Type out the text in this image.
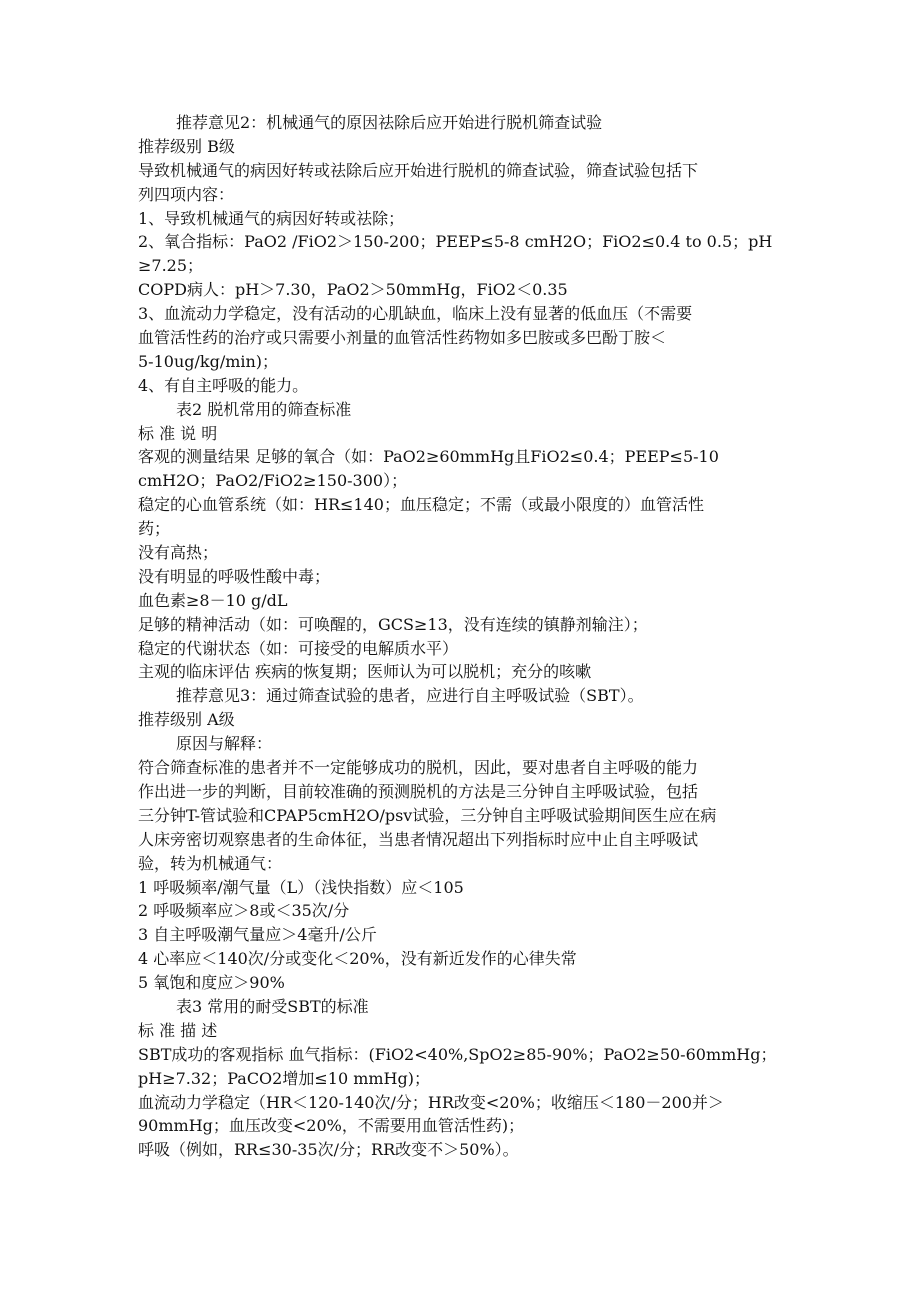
推荐意见2：机械通气的原因祛除后应开始进行脱机筛查试验

推荐级别 B级

导致机械通气的病因好转或祛除后应开始进行脱机的筛查试验，筛查试验包括下

列四项内容：

1、导致机械通气的病因好转或祛除；

2、氧合指标：PaO2 /FiO2＞150-200；PEEP≤5-8 cmH2O；FiO2≤0.4 to 0.5；pH

≥7.25；

COPD病人：pH＞7.30，PaO2＞50mmHg，FiO2＜0.35

3、血流动力学稳定，没有活动的心肌缺血，临床上没有显著的低血压（不需要

血管活性药的治疗或只需要小剂量的血管活性药物如多巴胺或多巴酚丁胺＜

5-10ug/kg/min)；

4、有自主呼吸的能力。

表2 脱机常用的筛查标准

标 准 说 明

客观的测量结果 足够的氧合（如：PaO2≥60mmHg且FiO2≤0.4；PEEP≤5-10

cmH2O；PaO2/FiO2≥150-300）；

稳定的心血管系统（如：HR≤140；血压稳定；不需（或最小限度的）血管活性

药；

没有高热；

没有明显的呼吸性酸中毒；

血色素≥8－10 g/dL

足够的精神活动（如：可唤醒的，GCS≥13，没有连续的镇静剂输注）；

稳定的代谢状态（如：可接受的电解质水平）

主观的临床评估 疾病的恢复期；医师认为可以脱机；充分的咳嗽

推荐意见3：通过筛查试验的患者，应进行自主呼吸试验（SBT）。

推荐级别 A级

原因与解释：

符合筛查标准的患者并不一定能够成功的脱机，因此，要对患者自主呼吸的能力

作出进一步的判断，目前较准确的预测脱机的方法是三分钟自主呼吸试验，包括

三分钟T-管试验和CPAP5cmH2O/psv试验，三分钟自主呼吸试验期间医生应在病

人床旁密切观察患者的生命体征，当患者情况超出下列指标时应中止自主呼吸试

验，转为机械通气：

1 呼吸频率/潮气量（L）（浅快指数）应＜105

2 呼吸频率应＞8或＜35次/分

3 自主呼吸潮气量应＞4毫升/公斤

4 心率应＜140次/分或变化＜20%，没有新近发作的心律失常

5 氧饱和度应＞90%

表3 常用的耐受SBT的标准

标 准 描 述

SBT成功的客观指标 血气指标：(FiO2<40%,SpO2≥85-90%；PaO2≥50-60mmHg；

pH≥7.32；PaCO2增加≤10 mmHg)；

血流动力学稳定（HR＜120-140次/分；HR改变<20%；收缩压＜180－200并＞

90mmHg；血压改变<20%，不需要用血管活性药)；

呼吸（例如，RR≤30-35次/分；RR改变不＞50%）。
